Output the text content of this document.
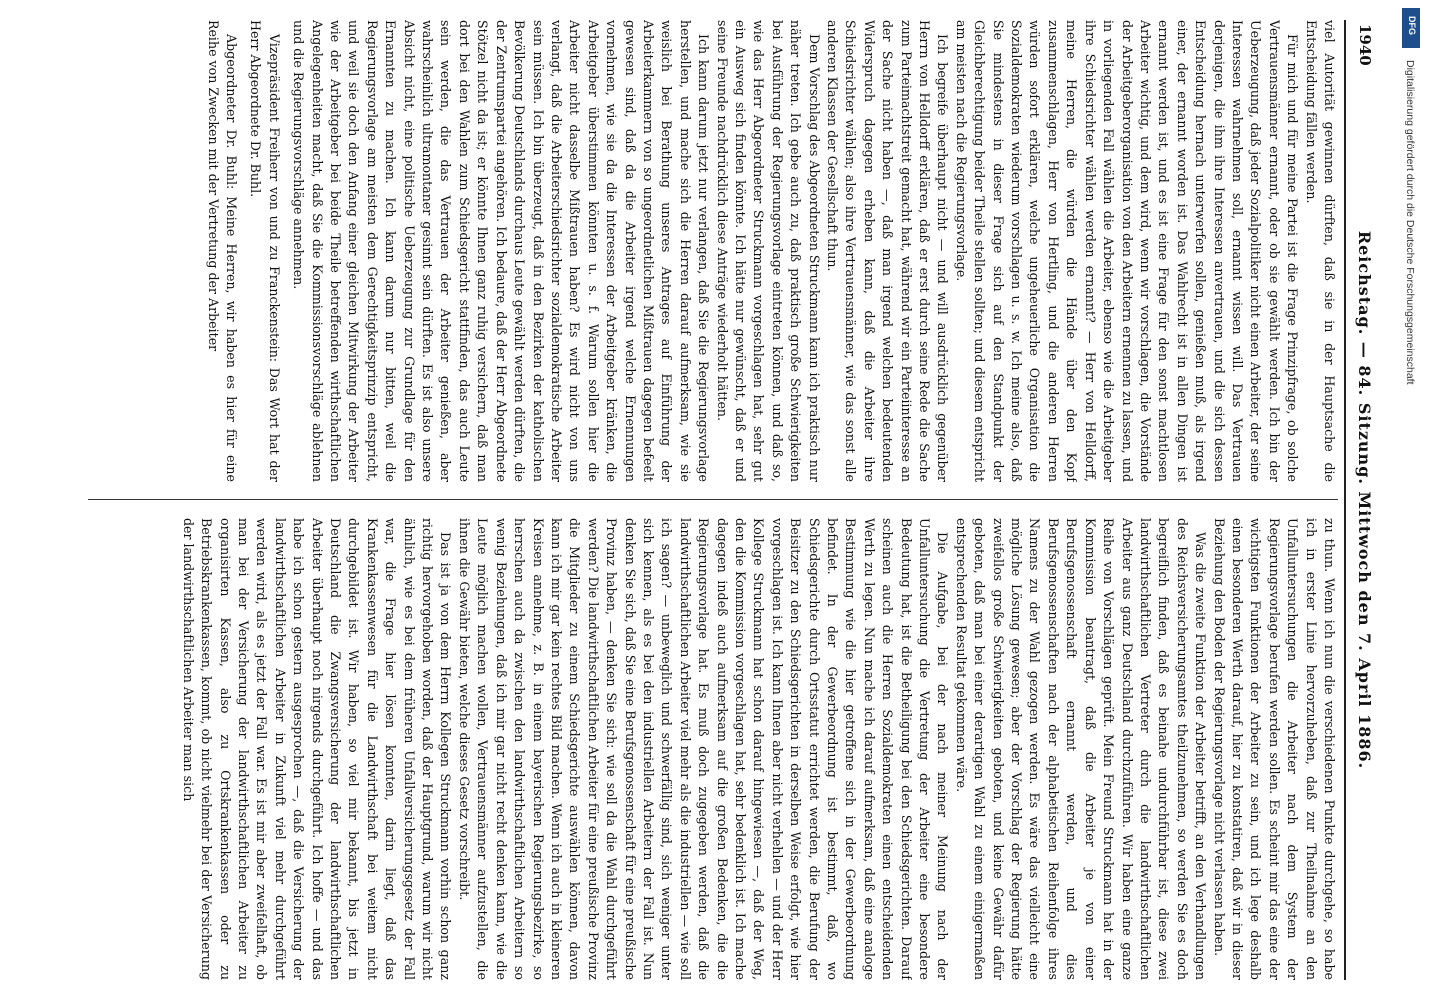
1940
Reichstag. — 84. Sitzung. Mittwoch den 7. April 1886.

viel Autorität gewinnen dürften, daß sie in der Hauptsache die Entscheidung fällen werden.

Für mich und für meine Partei ist die Frage Prinzipfrage, ob solche Vertrauensmänner ernannt, oder ob sie gewählt werden. Ich bin der Ueberzeugung, daß jeder Sozialpolitiker nicht einen Arbeiter, der seine Interessen wahrnehmen soll, ernannt wissen will. Das Vertrauen derjenigen, die ihm ihre Interessen anvertrauen, und die sich dessen Entscheidung hernach unterwerfen sollen, genießen muß, als irgend einer, der ernannt worden ist. Das Wahlrecht ist in allen Dingen ist ernannt werden ist, und es ist eine Frage für den sonst machtlosen Arbeiter wichtig, und dem wird, wenn wir vorschlagen, die Vorstände der Arbeitgeberorganisation von den Arbeitern ernennen zu lassen, und in vorliegenden Fall wählen die Arbeiter, ebenso wie die Arbeitgeber ihre Schiedsrichter wählen werden ernannt? — Herr von Helldorff, meine Herren, die würden die Hände über den Kopf zusammenschlagen, Herr von Hertling, und die anderen Herren würden sofort erklären, welche ungeheuerliche Organisation die Sozialdemokraten wiederum vorschlagen u. s. w. Ich meine also, daß Sie mindestens in dieser Frage sich auf den Standpunkt der Gleichberechtigung beider Theile stellen sollten; und diesem entspricht am meisten nach die Regierungsvorlage.

Ich begreife überhaupt nicht — und will ausdrücklich gegenüber Herrn von Helldorff erklären, daß er erst durch seine Rede die Sache zum Parteimachtstreit gemacht hat, während wir ein Parteiinteresse an der Sache nicht haben —, daß man irgend welchen bedeutenden Widerspruch dagegen erheben kann, daß die Arbeiter ihre Schiedsrichter wählen; also ihre Vertrauensmänner, wie das sonst alle anderen Klassen der Gesellschaft thun.

Dem Vorschlag des Abgeordneten Struckmann kann ich praktisch nur näher treten. Ich gebe auch zu, daß praktisch große Schwierigkeiten bei Ausführung der Regierungsvorlage eintreten können, und daß so, wie das Herr Abgeordneter Struckmann vorgeschlagen hat, sehr gut ein Ausweg sich finden könnte. Ich hätte nur gewünscht, daß er und seine Freunde nachdrücklich diese Anträge wiederholt hätten.

Ich kann darum jetzt nur verlangen, daß Sie die Regierungsvorlage herstellen, und mache sich die Herren darauf aufmerksam, wie sie weislich bei Berathung unseres Antrages auf Einführung der Arbeiterkammern von so ungeordnetlichen Mißtrauen dagegen befeelt gewesen sind, daß da die Arbeiter irgend welche Ernennungen vornehmen, wie sie da die Interessen der Arbeitgeber kränken, die Arbeitgeber überstimmen könnten u. s. f. Warum sollen hier die Arbeiter nicht dasselbe Mißtrauen haben? Es wird nicht von uns verlangt, daß die Arbeiterschiedsrichter sozialdemokratische Arbeiter sein müssen. Ich bin überzeugt, daß in den Bezirken der katholischen Bevölkerung Deutschlands durchaus Leute gewählt werden dürften, die der Zentrumspartei angehören. Ich bedaure, daß der Herr Abgeordnete Stötzel nicht da ist; er könnte Ihnen ganz ruhig versichern, daß man dort bei den Wahlen zum Schiedsgericht stattfinden, das auch Leute sein werden, die das Vertrauen der Arbeiter genießen, aber wahrscheinlich ultramontaner gesinnt sein dürften. Es ist also unsere Absicht nicht, eine politische Ueberzeugung zur Grundlage für den Ernannten zu machen. Ich kann darum nur bitten, weil die Regierungsvorlage am meisten dem Gerechtigkeitsprinzip entspricht, und weil sie doch den Anfang einer gleichen Mitwirkung der Arbeiter wie der Arbeitgeber bei beide Theile betreffenden wirthschaftlichen Angelegenheiten macht, daß Sie die Kommissionsvorschläge ablehnen und die Regierungsvorschläge annehmen.

Vizepräsident Freiherr von und zu Franckenstein: Das Wort hat der Herr Abgeordnete Dr. Buhl.

Abgeordneter Dr. Buhl: Meine Herren, wir haben es hier für eine Reihe von Zwecken mit der Vertretung der Arbeiter

zu thun. Wenn ich nun die verschiedenen Punkte durchgehe, so habe ich in erster Linie hervorzuheben, daß zur Theilnahme an den Unfalluntersuchungen die Arbeiter nach dem System der Regierungsvorlage berufen werden sollen. Es scheint mir das eine der wichtigsten Funktionen der Arbeiter zu sein, und ich lege deshalb einen besonderen Werth darauf, hier zu konstatiren, daß wir in dieser Beziehung den Boden der Regierungsvorlage nicht verlassen haben.

Was die zweite Funktion der Arbeiter betrifft, an den Verhandlungen des Reichsversicherungsamtes theilzunehmen, so werden Sie es doch begreiflich finden, daß es beinahe undurchführbar ist, diese zwei landwirthschaftlichen Vertreter durch die landwirthschaftlichen Arbeiter aus ganz Deutschland durchzuführen. Wir haben eine ganze Reihe von Vorschlägen geprüft. Mein Freund Struckmann hat in der Kommission beantragt, daß die Arbeiter je von einer Berufsgenossenschaft ernannt werden, und dies Berufsgenossenschaften nach der alphabetischen Reihenfolge ihres Namens zu der Wahl gezogen werden. Es wäre das vielleicht eine mögliche Lösung gewesen; aber der Vorschlag der Regierung hätte zweifellos große Schwierigkeiten geboten, und keine Gewähr dafür geboten, daß man bei einer derartigen Wahl zu einem einigermaßen entsprechenden Resultat gekommen wäre.

Die Aufgabe, bei der nach meiner Meinung nach der Unfalluntersuchung die Vertretung der Arbeiter eine besondere Bedeutung hat, ist die Betheiligung bei den Schiedsgerichten. Darauf scheinen auch die Herren Sozialdemokraten einen entscheidenden Werth zu legen. Nun mache ich darauf aufmerksam, daß eine analoge Bestimmung wie die hier getroffene sich in der Gewerbeordnung befindet. In der Gewerbeordnung ist bestimmt, daß, wo Schiedsgerichte durch Ortsstatut errichtet werden, die Berufung der Beisitzer zu den Schiedsgerichten in derselben Weise erfolgt, wie hier vorgeschlagen ist. Ich kann Ihnen aber nicht verhehlen — und der Herr Kollege Struckmann hat schon darauf hingewiesen —, daß der Weg, den die Kommission vorgeschlagen hat, sehr bedenklich ist. Ich mache dagegen indeß auch aufmerksam auf die großen Bedenken, die die Regierungsvorlage hat. Es muß doch zugegeben werden, daß die landwirthschaftlichen Arbeiter viel mehr als die industriellen — wie soll ich sagen? — unbeweglich und schwerfällig sind, sich weniger unter sich kennen, als es bei den industriellen Arbeitern der Fall ist. Nun denken Sie sich, daß Sie eine Berufsgenossenschaft für eine preußische Provinz haben, — denken Sie sich: wie soll da die Wahl durchgeführt werden? Die landwirthschaftlichen Arbeiter für eine preußische Provinz die Mitglieder zu einem Schiedsgerichte auswählen können, davon kann ich mir gar kein rechtes Bild machen. Wenn ich auch in kleineren Kreisen annehme, z. B. in einem bayerischen Regierungsbezirke, so herrschen auch da zwischen den landwirthschaftlichen Arbeitern so wenig Beziehungen, daß ich mir gar nicht recht denken kann, wie die Leute möglich machen wollen, Vertrauensmänner aufzustellen, die ihnen die Gewähr bieten, welche dieses Gesetz vorschreibt.

Das ist ja von dem Herrn Kollegen Struckmann vorhin schon ganz richtig hervorgehoben worden, daß der Hauptgrund, warum wir nicht ähnlich, wie es bei dem früheren Unfallversicherungsgesetz der Fall war, die Frage hier lösen konnten, darin liegt, daß das Krankenkassenwesen für die Landwirthschaft bei weitem nicht durchgebildet ist. Wir haben, so viel mir bekannt, bis jetzt in Deutschland die Zwangsversicherung der landwirthschaftlichen Arbeiter überhaupt noch nirgends durchgeführt. Ich hoffe — und das habe ich schon gestern ausgesprochen —, daß die Versicherung der landwirthschaftlichen Arbeiter in Zukunft viel mehr durchgeführt werden wird, als es jetzt der Fall war. Es ist mir aber zweifelhaft, ob man bei der Versicherung der landwirthschaftlichen Arbeiter zu organisirten Kassen, also zu Ortskrankenkassen oder zu Betriebskrankenkassen, kommt, ob nicht vielmehr bei der Versicherung der landwirthschaftlichen Arbeiter man sich

DFG
Digitalisierung gefördert durch die Deutsche Forschungsgemeinschaft
